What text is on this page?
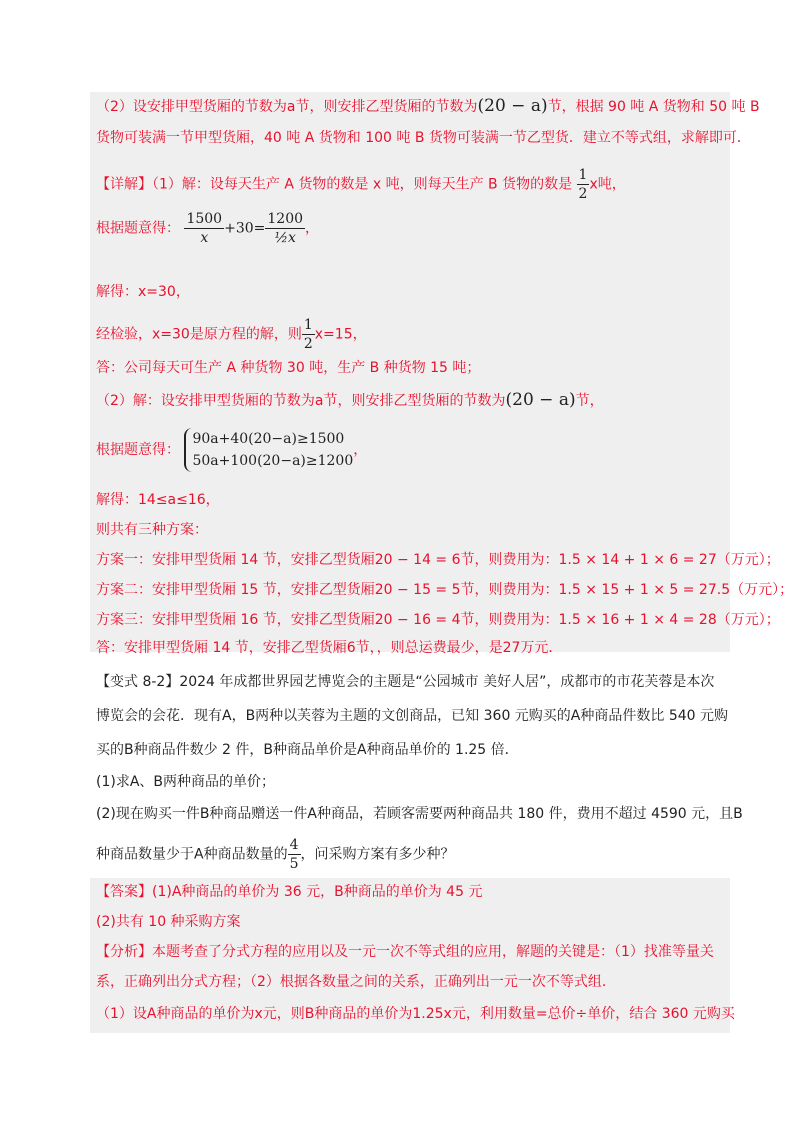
（2）设安排甲型货厢的节数为a节，则安排乙型货厢的节数为(20 − a)节，根据 90 吨 A 货物和 50 吨 B
货物可装满一节甲型货厢，40 吨 A 货物和 100 吨 B 货物可装满一节乙型货．建立不等式组，求解即可．
【详解】（1）解：设每天生产 A 货物的数是 x 吨，则每天生产 B 货物的数是 $\frac{1}{2}$ x吨，
根据题意得： $\frac{1500}{x} +30= \frac{1200}{\text{½x}}$ ，
解得：x=30，
经检验，x=30是原方程的解，则 $\frac{1}{2} x=15$，
答：公司每天可生产 A 种货物 30 吨，生产 B 种货物 15 吨；
（2）解：设安排甲型货厢的节数为a节，则安排乙型货厢的节数为(20 − a)节，
根据题意得：
90a+40(20−a)≥1500
50a+100(20−a)≥1200
，
解得：14≤a≤16，
则共有三种方案：
方案一：安排甲型货厢 14 节，安排乙型货厢20 − 14 = 6节，则费用为：1.5 × 14 + 1 × 6 = 27（万元）；
方案二：安排甲型货厢 15 节，安排乙型货厢20 − 15 = 5节，则费用为：1.5 × 15 + 1 × 5 = 27.5（万元）；
方案三：安排甲型货厢 16 节，安排乙型货厢20 − 16 = 4节，则费用为：1.5 × 16 + 1 × 4 = 28（万元）；
答：安排甲型货厢 14 节，安排乙型货厢6节，，则总运费最少，是27万元．
【变式 8-2】2024 年成都世界园艺博览会的主题是“公园城市 美好人居”，成都市的市花芙蓉是本次
博览会的会花．现有A，B两种以芙蓉为主题的文创商品，已知 360 元购买的A种商品件数比 540 元购
买的B种商品件数少 2 件，B种商品单价是A种商品单价的 1.25 倍．
(1)求A、B两种商品的单价；
(2)现在购买一件B种商品赠送一件A种商品，若顾客需要两种商品共 180 件，费用不超过 4590 元，且B
种商品数量少于A种商品数量的 $\frac{4}{5}$ ，问采购方案有多少种？
【答案】(1)A种商品的单价为 36 元，B种商品的单价为 45 元
(2)共有 10 种采购方案
【分析】本题考查了分式方程的应用以及一元一次不等式组的应用，解题的关键是：（1）找准等量关
系，正确列出分式方程；（2）根据各数量之间的关系，正确列出一元一次不等式组．
（1）设A种商品的单价为x元，则B种商品的单价为1.25x元，利用数量=总价÷单价，结合 360 元购买
